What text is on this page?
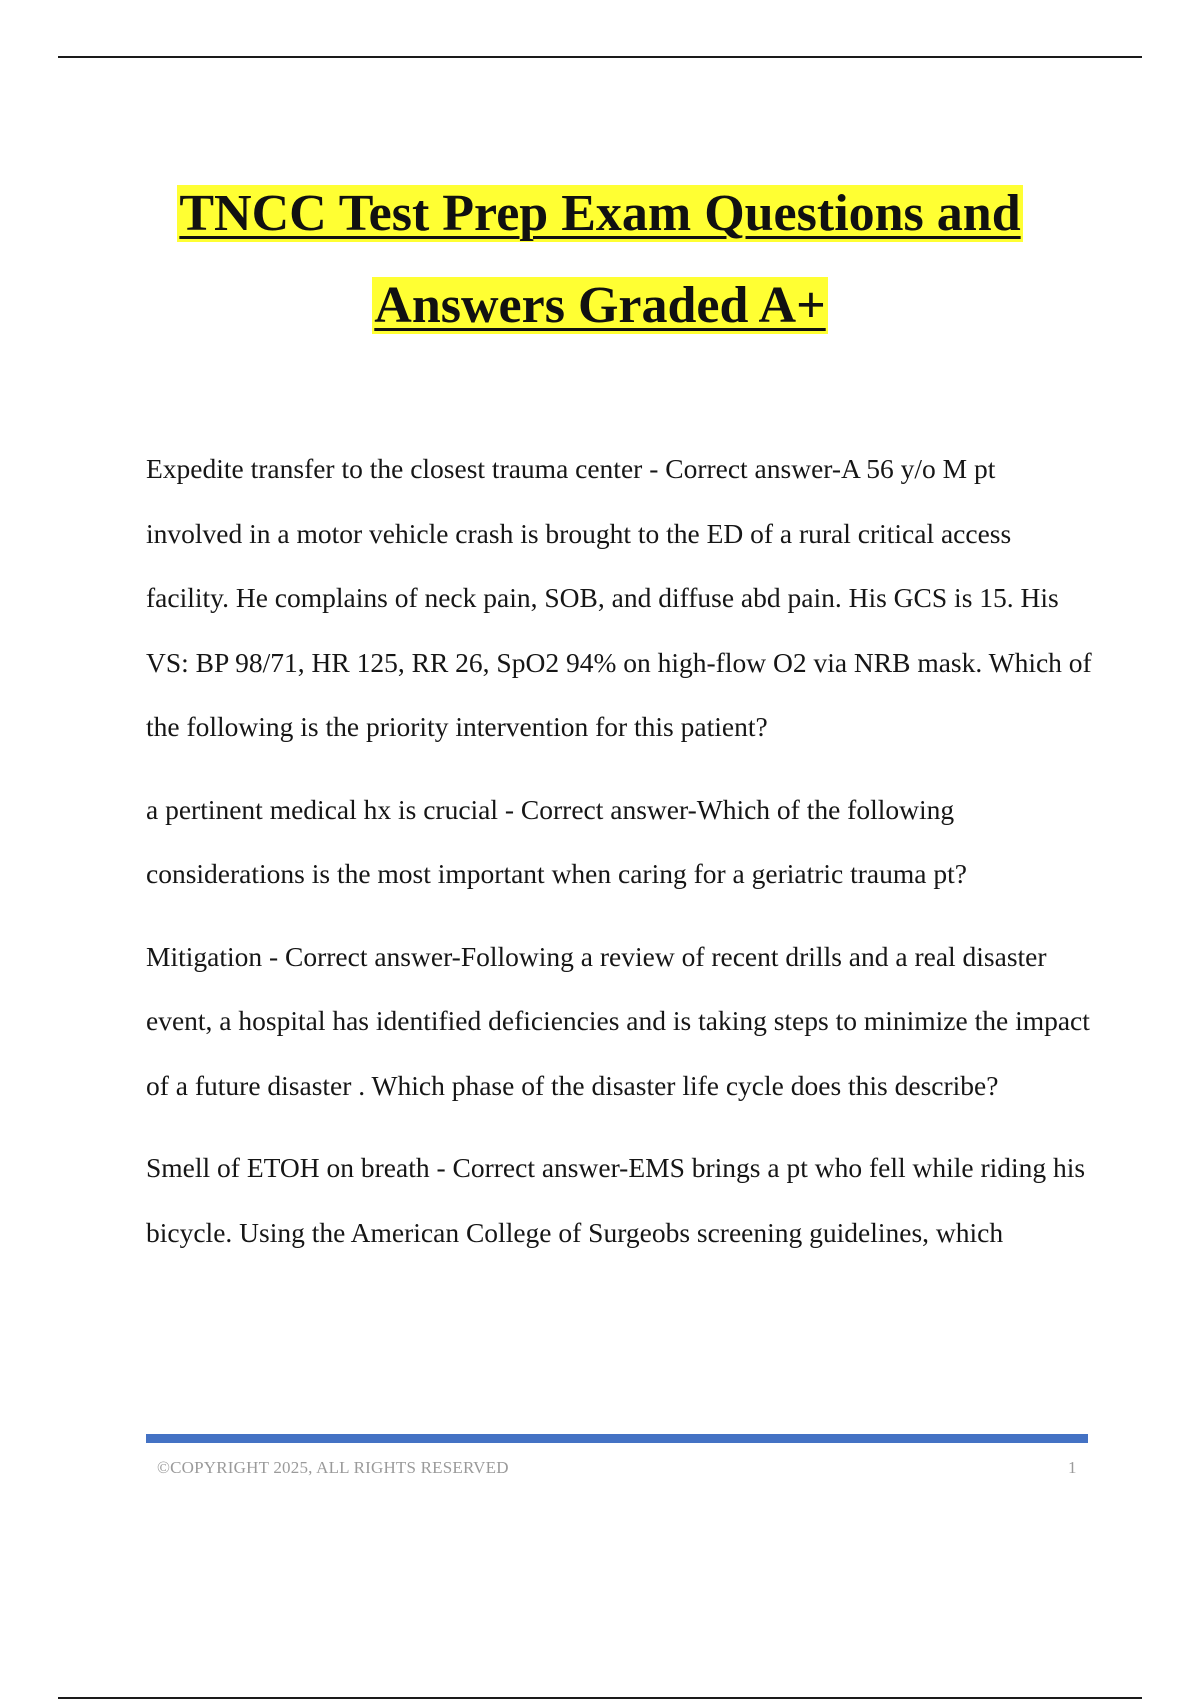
TNCC Test Prep Exam Questions and
Answers Graded A+

Expedite transfer to the closest trauma center - Correct answer-A 56 y/o M pt involved in a motor vehicle crash is brought to the ED of a rural critical access facility. He complains of neck pain, SOB, and diffuse abd pain. His GCS is 15. His VS: BP 98/71, HR 125, RR 26, SpO2 94% on high-flow O2 via NRB mask. Which of the following is the priority intervention for this patient?

a pertinent medical hx is crucial - Correct answer-Which of the following considerations is the most important when caring for a geriatric trauma pt?

Mitigation - Correct answer-Following a review of recent drills and a real disaster event, a hospital has identified deficiencies and is taking steps to minimize the impact of a future disaster . Which phase of the disaster life cycle does this describe?

Smell of ETOH on breath - Correct answer-EMS brings a pt who fell while riding his bicycle. Using the American College of Surgeobs screening guidelines, which

©COPYRIGHT 2025, ALL RIGHTS RESERVED	1
